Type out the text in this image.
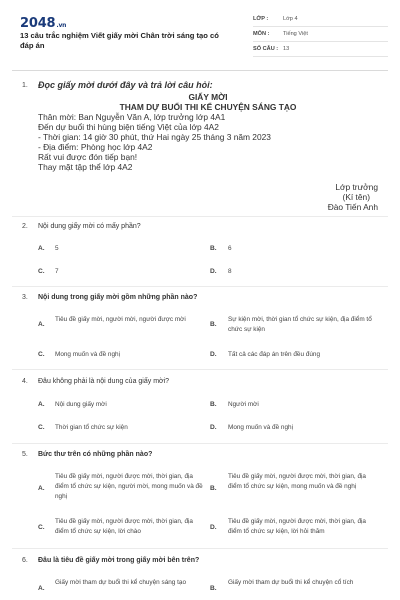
2048.vn
13 câu trắc nghiệm Viết giấy mời Chân trời sáng tạo có đáp án
LỚP :	Lớp 4
MÔN : Tiếng Việt
SỐ CÂU : 13
1. Đọc giấy mời dưới đây và trả lời câu hỏi:
GIẤY MỜI
THAM DỰ BUỔI THI KỂ CHUYỆN SÁNG TẠO
Thân mời: Ban Nguyễn Văn A, lớp trưởng lớp 4A1
Đến dự buổi thi hùng biện tiếng Việt của lớp 4A2
- Thời gian: 14 giờ 30 phút, thứ Hai ngày 25 tháng 3 năm 2023
- Địa điểm: Phòng học lớp 4A2
Rất vui được đón tiếp bạn!
Thay mặt tập thể lớp 4A2
Lớp trưởng
(Kí tên)
Đào Tiến Anh
2. Nội dung giấy mời có mấy phần?
A. 5	B. 6
C. 7	D. 8
3. Nội dung trong giấy mời gồm những phần nào?
A.
Tiêu đề giấy mời, người mời, người được mời
B.
Sự kiện mời, thời gian tổ chức sự kiện, địa điểm tổ chức sự kiện
C. Mong muốn và đề nghị	D. Tất cả các đáp án trên đều đúng
4. Đâu không phải là nội dung của giấy mời?
A. Nội dung giấy mời	B. Người mời
C. Thời gian tổ chức sự kiện	D. Mong muốn và đề nghị
5. Bức thư trên có những phần nào?
A.
Tiêu đề giấy mời, người được mời, thời gian, địa điểm tổ chức sự kiện, người mời, mong muốn và đề nghị
B.
Tiêu đề giấy mời, người được mời, thời gian, địa điểm tổ chức sự kiện, mong muốn và đề nghị
C.
Tiêu đề giấy mời, người được mời, thời gian, địa điểm tổ chức sự kiện, lời chào
D.
Tiêu đề giấy mời, người được mời, thời gian, địa điểm tổ chức sự kiện, lời hỏi thăm
6. Đâu là tiêu đề giấy mời trong giấy mời bên trên?
A.
Giấy mời tham dự buổi thi kể chuyện sáng tạo
B.
Giấy mời tham dự buổi thi kể chuyện cổ tích
